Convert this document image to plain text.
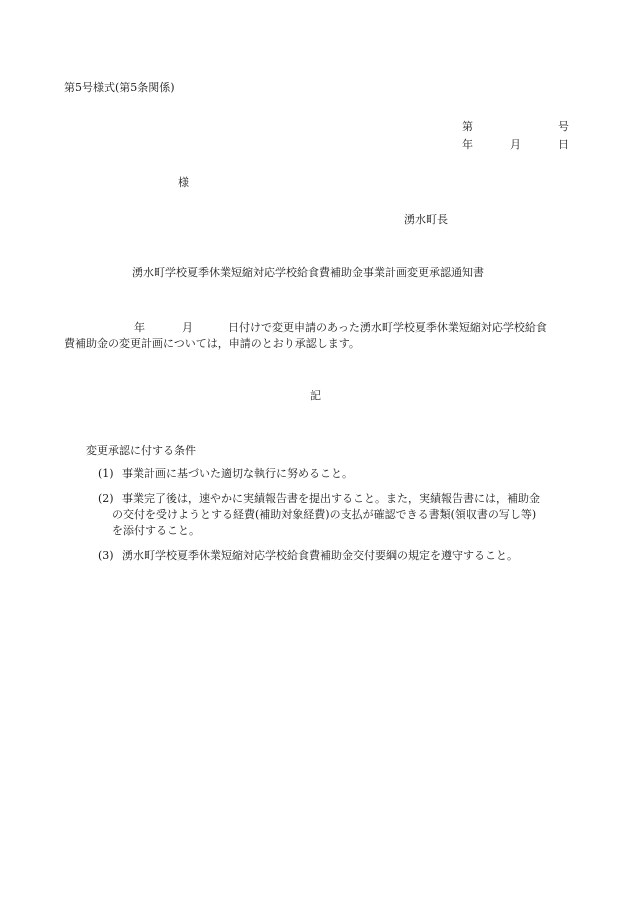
第5号様式(第5条関係)
第	号
年	月	日
様
湧水町長
湧水町学校夏季休業短縮対応学校給食費補助金事業計画変更承認通知書
年	月	日付けで変更申請のあった湧水町学校夏季休業短縮対応学校給食
費補助金の変更計画については，申請のとおり承認します。
記
変更承認に付する条件
(1) 事業計画に基づいた適切な執行に努めること。
(2) 事業完了後は，速やかに実績報告書を提出すること。また，実績報告書には，補助金
の交付を受けようとする経費(補助対象経費)の支払が確認できる書類(領収書の写し等)
を添付すること。
(3) 湧水町学校夏季休業短縮対応学校給食費補助金交付要綱の規定を遵守すること。
